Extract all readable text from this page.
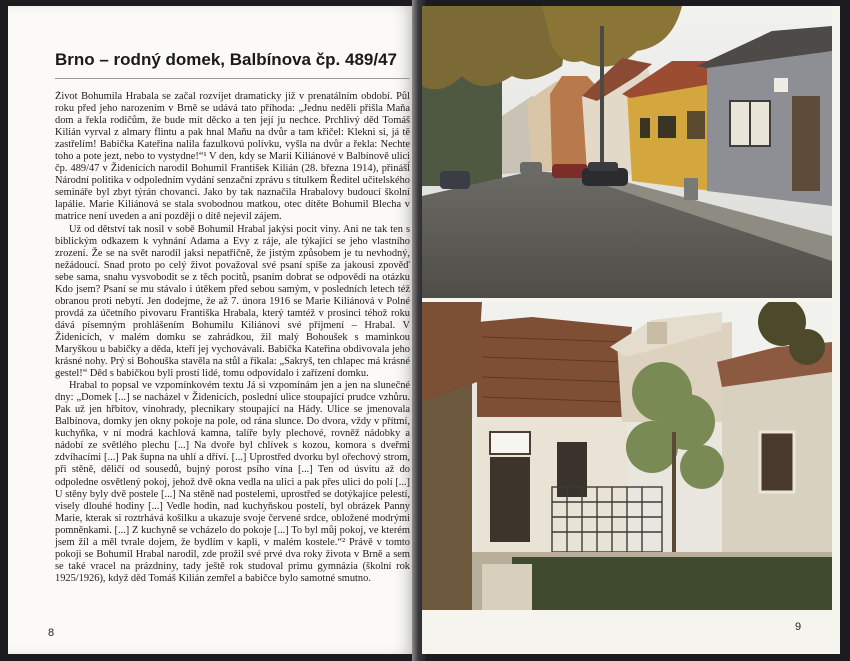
Brno – rodný domek, Balbínova čp. 489/47

Život Bohumila Hrabala se začal rozvíjet dramaticky již v prenatálním období. Půl roku před jeho narozením v Brně se udává tato příhoda: „Jednu neděli přišla Maňa dom a řekla rodičům, že bude mít děcko a ten její ju nechce. Prchlivý děd Tomáš Kilián vyrval z almary flintu a pak hnal Maňu na dvůr a tam křičel: Klekni si, já tě zastřelím! Babička Kateřina nalila fazulkovú polívku, vyšla na dvůr a řekla: Nechte toho a pote jezt, nebo to vystydne!“¹ V den, kdy se Marii Kiliánové v Balbínově ulici čp. 489/47 v Židenicích narodil Bohumil František Kilián (28. března 1914), přinášĺ Národní politika v odpoledním vydání senzační zprávu s titulkem Ředitel učitelského semináře byl zbyt týrán chovanci. Jako by tak naznačila Hrabalovy budoucí školní lapálie. Marie Kiliánová se stala svobodnou matkou, otec dítěte Bohumil Blecha v matrice není uveden a ani později o dítě nejevil zájem.

Už od dětství tak nosil v sobě Bohumil Hrabal jakýsi pocit viny. Ani ne tak ten s biblickým odkazem k vyhnání Adama a Evy z ráje, ale týkající se jeho vlastního zrození. Že se na svět narodil jaksi nepatřičně, že jistým způsobem je tu nevhodný, nežádoucí. Snad proto po celý život považoval své psaní spíše za jakousi zpověď sebe sama, snahu vysvobodit se z těch pocitů, psaním dobrat se odpovědi na otázku Kdo jsem? Psaní se mu stávalo i útěkem před sebou samým, v posledních letech též obranou proti nebytí. Jen dodejme, že až 7. února 1916 se Marie Kiliánová v Polné provdá za účetního pivovaru Františka Hrabala, který tamtéž v prosinci téhož roku dává písemným prohlášením Bohumilu Kiliánovi své příjmení – Hrabal. V Židenicích, v malém domku se zahrádkou, žil malý Bohoušek s maminkou Maryškou u babičky a děda, kteří jej vychovávali. Babička Kateřina obdivovala jeho krásné nohy. Prý si Bohouška stavěla na stůl a říkala: „Sakryš, ten chlapec má krásné gestel!“ Děd s babičkou byli prostí lidé, tomu odpovídalo i zařízení domku.

Hrabal to popsal ve vzpomínkovém textu Já si vzpomínám jen a jen na slunečné dny: „Domek [...] se nacházel v Židenicích, poslední ulice stoupající prudce vzhůru. Pak už jen hřbitov, vinohrady, plecnikary stoupající na Hády. Ulice se jmenovala Balbínova, domky jen okny pokoje na pole, od rána slunce. Do dvora, vždy v přítmí, kuchyňka, v ní modrá kachlová kamna, talíře byly plechové, rovněž nádobky a nádobí ze světlého plechu [...] Na dvoře byl chlívek s kozou, komora s dveřmi zdvíhacími [...] Pak šupna na uhlí a dříví. [...] Uprostřed dvorku byl ořechový strom, při stěně, děličí od sousedů, bujný porost psího vína [...] Ten od úsvitu až do odpoledne osvětlený pokoj, jehož dvě okna vedla na ulici a pak přes ulici do polí [...] U stěny byly dvě postele [...] Na stěně nad postelemi, uprostřed se dotýkajíce pelestí, visely dlouhé hodiny [...] Vedle hodin, nad kuchyňskou postelí, byl obrázek Panny Marie, kterak si roztrhává košilku a ukazuje svoje červené srdce, obložené modrými pomněnkami. [...] Z kuchyně se vcházelo do pokoje [...] To byl můj pokoj, ve kterém jsem žil a měl tvrale dojem, že bydlím v kapli, v malém kostele.“² Právě v tomto pokoji se Bohumil Hrabal narodil, zde prožil své prvé dva roky života v Brně a sem se také vracel na prázdniny, tady ještě rok studoval primu gymnázia (školní rok 1925/1926), když děd Tomáš Kilián zemřel a babičce bylo samotné smutno.

8	9
